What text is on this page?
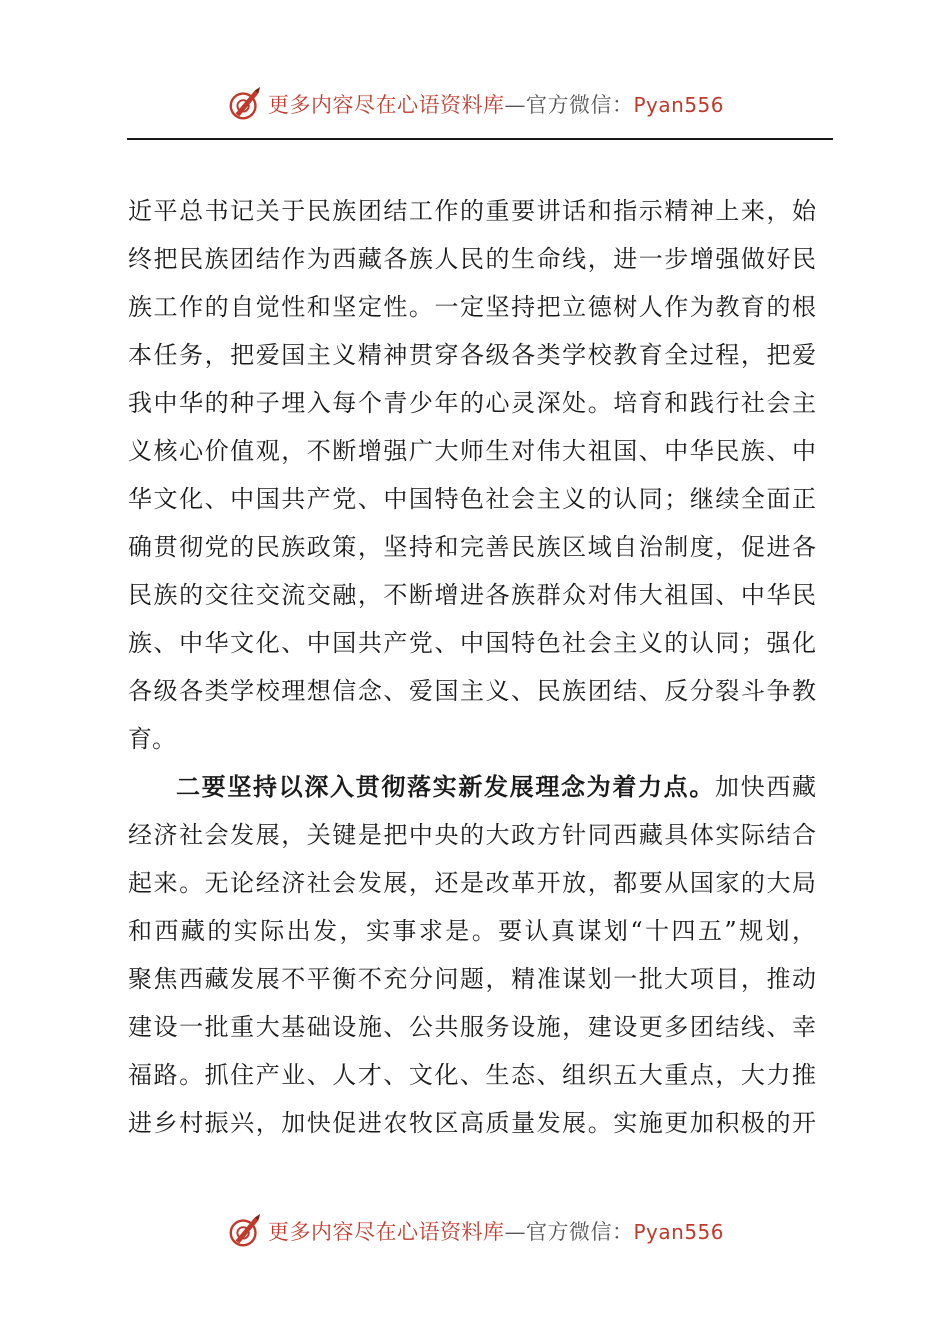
更多内容尽在心语资料库—官方微信：Pyan556
近平总书记关于民族团结工作的重要讲话和指示精神上来，始
终把民族团结作为西藏各族人民的生命线，进一步增强做好民
族工作的自觉性和坚定性。一定坚持把立德树人作为教育的根
本任务，把爱国主义精神贯穿各级各类学校教育全过程，把爱
我中华的种子埋入每个青少年的心灵深处。培育和践行社会主
义核心价值观，不断增强广大师生对伟大祖国、中华民族、中
华文化、中国共产党、中国特色社会主义的认同；继续全面正
确贯彻党的民族政策，坚持和完善民族区域自治制度，促进各
民族的交往交流交融，不断增进各族群众对伟大祖国、中华民
族、中华文化、中国共产党、中国特色社会主义的认同；强化
各级各类学校理想信念、爱国主义、民族团结、反分裂斗争教
育。
二要坚持以深入贯彻落实新发展理念为着力点。加快西藏
经济社会发展，关键是把中央的大政方针同西藏具体实际结合
起来。无论经济社会发展，还是改革开放，都要从国家的大局
和西藏的实际出发，实事求是。要认真谋划“十四五”规划，
聚焦西藏发展不平衡不充分问题，精准谋划一批大项目，推动
建设一批重大基础设施、公共服务设施，建设更多团结线、幸
福路。抓住产业、人才、文化、生态、组织五大重点，大力推
进乡村振兴，加快促进农牧区高质量发展。实施更加积极的开
更多内容尽在心语资料库—官方微信：Pyan556
